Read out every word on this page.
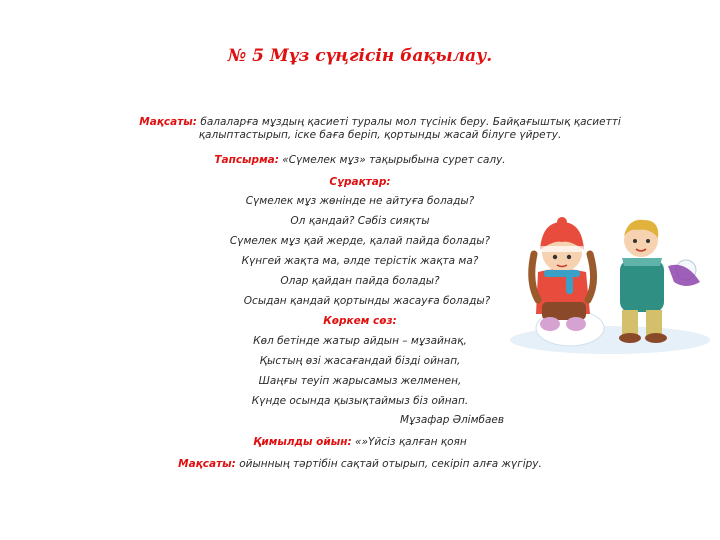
№ 5 Мұз сүңгісін бақылау.
Мақсаты: балаларға мұздың қасиеті туралы мол түсінік беру. Байқағыштық қасиетті қалыптастырып, іске баға беріп, қортынды жасай білуге үйрету.
Тапсырма: «Сүмелек мұз» тақырыбына сурет салу.
Сұрақтар:
Сүмелек мұз жөнінде не айтуға болады?
Ол қандай? Сәбіз сияқты
Сүмелек мұз қай жерде, қалай пайда болады?
Күнгей жақта ма, әлде терістік жақта ма?
Олар қайдан пайда болады?
Осыдан қандай қортынды жасауға болады?
Көркем сөз:
Көл бетінде жатыр айдын – мұзайнақ,
Қыстың өзі жасағандай бізді ойнап,
Шаңғы теуіп жарысамыз желменен,
Күнде осында қызықтаймыз біз ойнап.
Мұзафар Әлімбаев
Қимылды ойын: «»Үйсіз қалған қоян
Мақсаты: ойынның тәртібін сақтай отырып, секіріп алға жүгіру.
